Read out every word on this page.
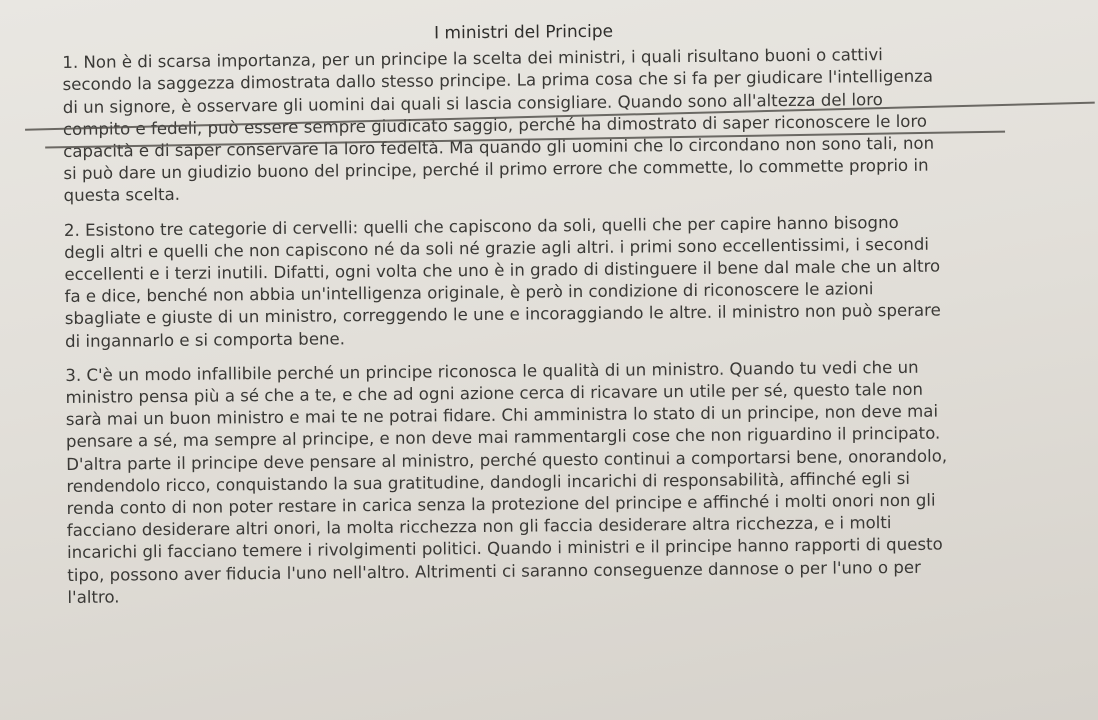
I ministri del Principe
1. Non è di scarsa importanza, per un principe la scelta dei ministri, i quali risultano buoni o cattivi
secondo la saggezza dimostrata dallo stesso principe. La prima cosa che si fa per giudicare l'intelligenza
di un signore, è osservare gli uomini dai quali si lascia consigliare. Quando sono all'altezza del loro
compito e fedeli, può essere sempre giudicato saggio, perché ha dimostrato di saper riconoscere le loro
capacità e di saper conservare la loro fedeltà. Ma quando gli uomini che lo circondano non sono tali, non
si può dare un giudizio buono del principe, perché il primo errore che commette, lo commette proprio in
questa scelta.
2. Esistono tre categorie di cervelli: quelli che capiscono da soli, quelli che per capire hanno bisogno
degli altri e quelli che non capiscono né da soli né grazie agli altri. i primi sono eccellentissimi, i secondi
eccellenti e i terzi inutili. Difatti, ogni volta che uno è in grado di distinguere il bene dal male che un altro
fa e dice, benché non abbia un'intelligenza originale, è però in condizione di riconoscere le azioni
sbagliate e giuste di un ministro, correggendo le une e incoraggiando le altre. il ministro non può sperare
di ingannarlo e si comporta bene.
3. C'è un modo infallibile perché un principe riconosca le qualità di un ministro. Quando tu vedi che un
ministro pensa più a sé che a te, e che ad ogni azione cerca di ricavare un utile per sé, questo tale non
sarà mai un buon ministro e mai te ne potrai fidare. Chi amministra lo stato di un principe, non deve mai
pensare a sé, ma sempre al principe, e non deve mai rammentargli cose che non riguardino il principato.
D'altra parte il principe deve pensare al ministro, perché questo continui a comportarsi bene, onorandolo,
rendendolo ricco, conquistando la sua gratitudine, dandogli incarichi di responsabilità, affinché egli si
renda conto di non poter restare in carica senza la protezione del principe e affinché i molti onori non gli
facciano desiderare altri onori, la molta ricchezza non gli faccia desiderare altra ricchezza, e i molti
incarichi gli facciano temere i rivolgimenti politici. Quando i ministri e il principe hanno rapporti di questo
tipo, possono aver fiducia l'uno nell'altro. Altrimenti ci saranno conseguenze dannose o per l'uno o per
l'altro.
